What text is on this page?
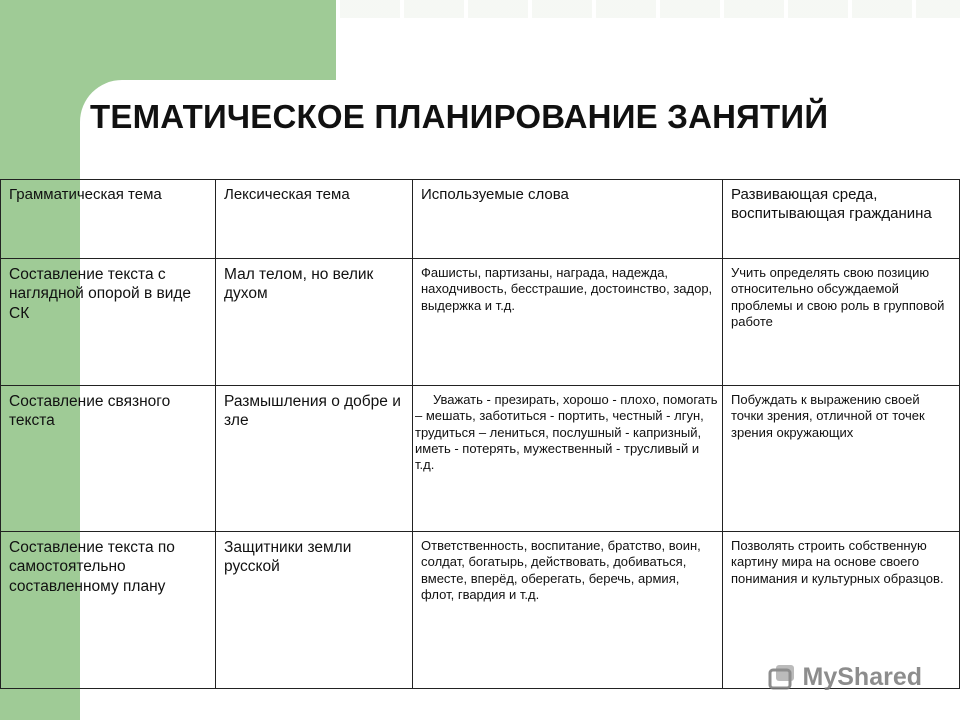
ТЕМАТИЧЕСКОЕ ПЛАНИРОВАНИЕ ЗАНЯТИЙ
Грамматическая тема	Лексическая тема	Используемые слова	Развивающая среда, воспитывающая гражданина
Составление текста с наглядной опорой в виде СК	Мал телом, но велик духом	Фашисты, партизаны, награда, надежда, находчивость, бесстрашие, достоинство, задор, выдержка и т.д.	Учить определять свою позицию относительно обсуждаемой проблемы и свою роль в групповой работе
Составление связного текста	Размышления о добре и зле	Уважать - презирать, хорошо - плохо, помогать – мешать, заботиться - портить, честный - лгун, трудиться – лениться, послушный - капризный, иметь - потерять, мужественный - трусливый и т.д.	Побуждать к выражению своей точки зрения, отличной от точек зрения окружающих
Составление текста по самостоятельно составленному плану	Защитники земли русской	Ответственность, воспитание, братство, воин, солдат, богатырь, действовать, добиваться, вместе, вперёд, оберегать, беречь, армия, флот, гвардия и т.д.	Позволять строить собственную картину мира на основе своего понимания и культурных образцов.
MyShared
